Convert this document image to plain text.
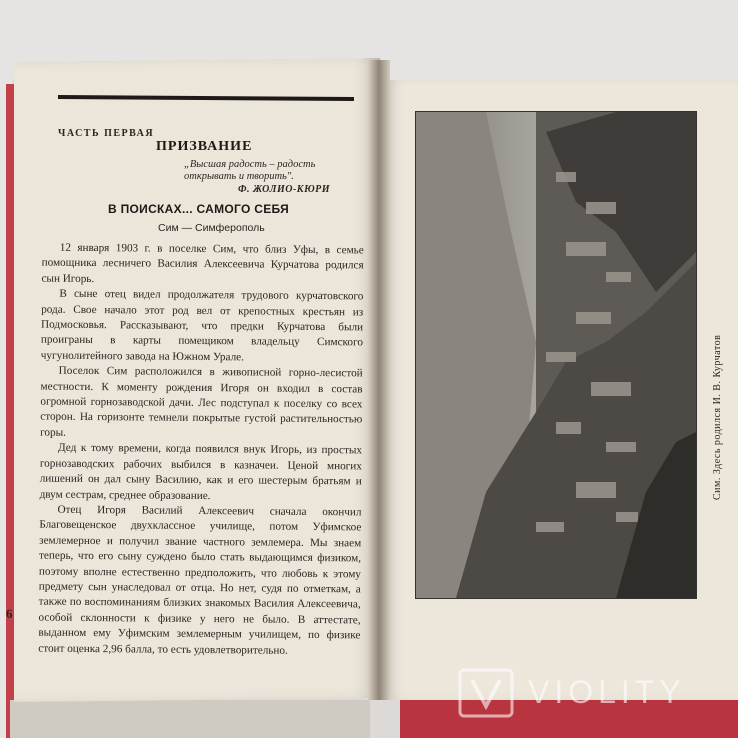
ЧАСТЬ ПЕРВАЯ
ПРИЗВАНИЕ
„Высшая радость – радость открывать и творить".
Ф. ЖОЛИО-КЮРИ
В ПОИСКАХ... САМОГО СЕБЯ
Сим — Симферополь

12 января 1903 г. в поселке Сим, что близ Уфы, в семье помощника лесничего Василия Алексеевича Курчатова родился сын Игорь.

В сыне отец видел продолжателя трудового курчатовского рода. Свое начало этот род вел от крепостных крестьян из Подмосковья. Рассказывают, что предки Курчатова были проиграны в карты помещиком владельцу Симского чугунолитейного завода на Южном Урале.

Поселок Сим расположился в живописной горно-лесистой местности. К моменту рождения Игоря он входил в состав огромной горнозаводской дачи. Лес подступал к поселку со всех сторон. На горизонте темнели покрытые густой растительностью горы.

Дед к тому времени, когда появился внук Игорь, из простых горнозаводских рабочих выбился в казначеи. Ценой многих лишений он дал сыну Василию, как и его шестерым братьям и двум сестрам, среднее образование.

Отец Игоря Василий Алексеевич сначала окончил Благовещенское двухклассное училище, потом Уфимское землемерное и получил звание частного землемера. Мы знаем теперь, что его сыну суждено было стать выдающимся физиком, поэтому вполне естественно предположить, что любовь к этому предмету сын унаследовал от отца. Но нет, судя по отметкам, а также по воспоминаниям близких знакомых Василия Алексеевича, особой склонности к физике у него не было. В аттестате, выданном ему Уфимским землемерным училищем, по физике стоит оценка 2,96 балла, то есть удовлетворительно.

6
Сим. Здесь родился И. В. Курчатов
VIOLITY
